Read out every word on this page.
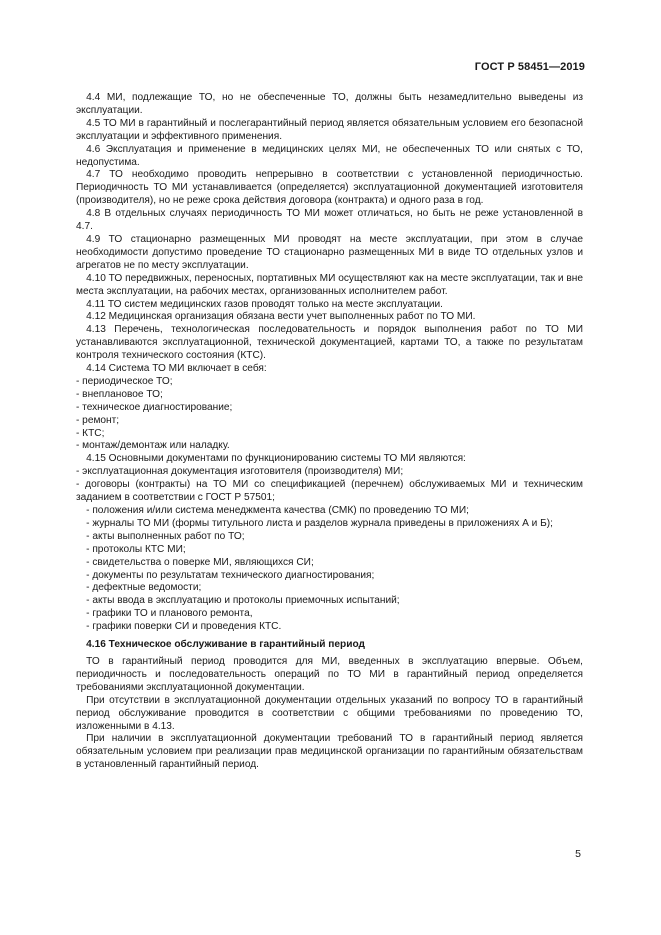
ГОСТ Р 58451—2019

4.4 МИ, подлежащие ТО, но не обеспеченные ТО, должны быть незамедлительно выведены из эксплуатации.

4.5 ТО МИ в гарантийный и послегарантийный период является обязательным условием его безопасной эксплуатации и эффективного применения.

4.6 Эксплуатация и применение в медицинских целях МИ, не обеспеченных ТО или снятых с ТО, недопустима.

4.7 ТО необходимо проводить непрерывно в соответствии с установленной периодичностью. Периодичность ТО МИ устанавливается (определяется) эксплуатационной документацией изготовителя (производителя), но не реже срока действия договора (контракта) и одного раза в год.

4.8 В отдельных случаях периодичность ТО МИ может отличаться, но быть не реже установленной в 4.7.

4.9 ТО стационарно размещенных МИ проводят на месте эксплуатации, при этом в случае необходимости допустимо проведение ТО стационарно размещенных МИ в виде ТО отдельных узлов и агрегатов не по месту эксплуатации.

4.10 ТО передвижных, переносных, портативных МИ осуществляют как на месте эксплуатации, так и вне места эксплуатации, на рабочих местах, организованных исполнителем работ.

4.11 ТО систем медицинских газов проводят только на месте эксплуатации.

4.12 Медицинская организация обязана вести учет выполненных работ по ТО МИ.

4.13 Перечень, технологическая последовательность и порядок выполнения работ по ТО МИ устанавливаются эксплуатационной, технической документацией, картами ТО, а также по результатам контроля технического состояния (КТС).

4.14 Система ТО МИ включает в себя:

- периодическое ТО;

- внеплановое ТО;

- техническое диагностирование;

- ремонт;

- КТС;

- монтаж/демонтаж или наладку.

4.15 Основными документами по функционированию системы ТО МИ являются:

- эксплуатационная документация изготовителя (производителя) МИ;

- договоры (контракты) на ТО МИ со спецификацией (перечнем) обслуживаемых МИ и техническим заданием в соответствии с ГОСТ Р 57501;

- положения и/или система менеджмента качества (СМК) по проведению ТО МИ;

- журналы ТО МИ (формы титульного листа и разделов журнала приведены в приложениях А и Б);

- акты выполненных работ по ТО;

- протоколы КТС МИ;

- свидетельства о поверке МИ, являющихся СИ;

- документы по результатам технического диагностирования;

- дефектные ведомости;

- акты ввода в эксплуатацию и протоколы приемочных испытаний;

- графики ТО и планового ремонта,

- графики поверки СИ и проведения КТС.

4.16 Техническое обслуживание в гарантийный период

ТО в гарантийный период проводится для МИ, введенных в эксплуатацию впервые. Объем, периодичность и последовательность операций по ТО МИ в гарантийный период определяется требованиями эксплуатационной документации.

При отсутствии в эксплуатационной документации отдельных указаний по вопросу ТО в гарантийный период обслуживание проводится в соответствии с общими требованиями по проведению ТО, изложенными в 4.13.

При наличии в эксплуатационной документации требований ТО в гарантийный период является обязательным условием при реализации прав медицинской организации по гарантийным обязательствам в установленный гарантийный период.

5
